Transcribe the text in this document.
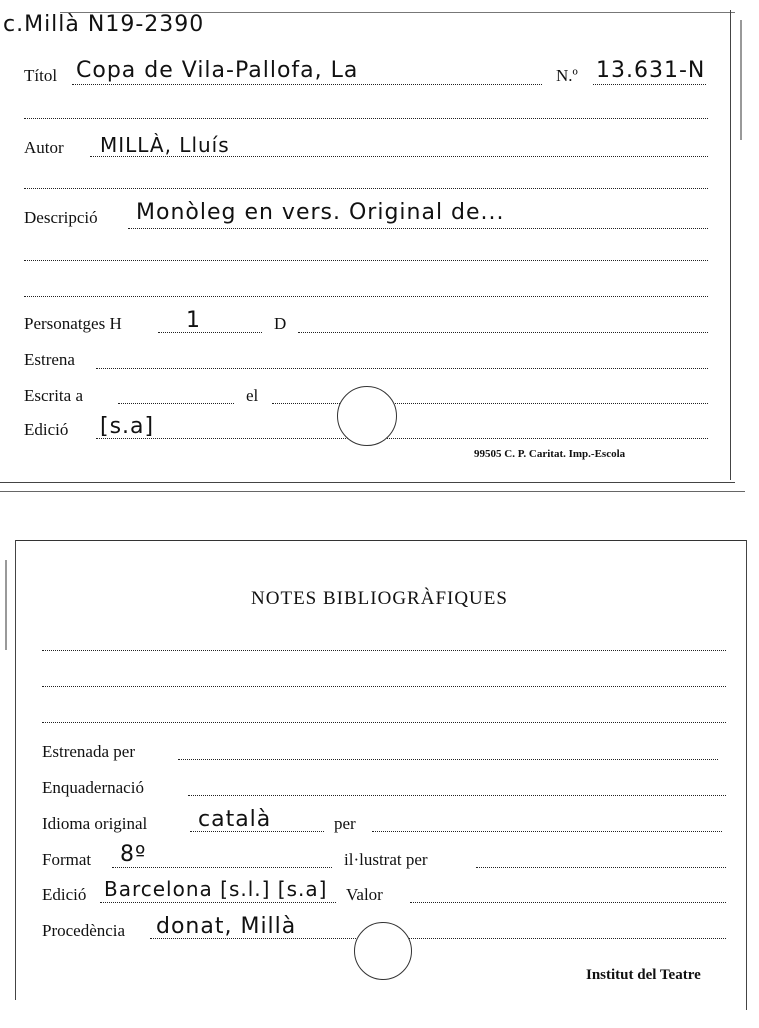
c.Millà N19-2390
Títol Copa de Vila-Pallofa, La	N.º 13.631-N
Autor MILLÀ, Lluís
Descripció Monòleg en vers. Original de...
Personatges H	1	D
Estrena
Escrita a	el
Edició [s.a]
99505 C. P. Caritat. Imp.-Escola
NOTES BIBLIOGRÀFIQUES
Estrenada per
Enquadernació
Idioma original català	per
Format 8º	il·lustrat per
Edició Barcelona [s.l.] [s.a] Valor
Procedència donat, Millà
Institut del Teatre
